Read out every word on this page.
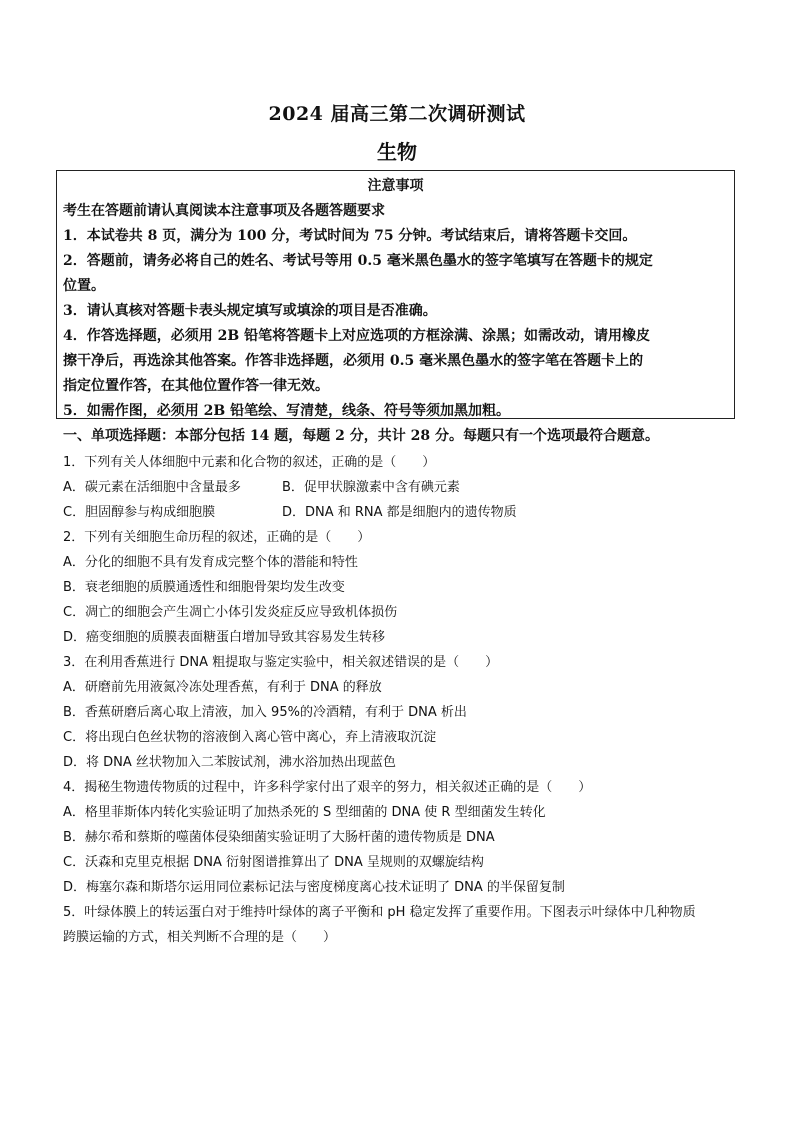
2024 届高三第二次调研测试
生物
注意事项
考生在答题前请认真阅读本注意事项及各题答题要求
1．本试卷共 8 页，满分为 100 分，考试时间为 75 分钟。考试结束后，请将答题卡交回。
2．答题前，请务必将自己的姓名、考试号等用 0.5 毫米黑色墨水的签字笔填写在答题卡的规定
位置。
3．请认真核对答题卡表头规定填写或填涂的项目是否准确。
4．作答选择题，必须用 2B 铅笔将答题卡上对应选项的方框涂满、涂黑；如需改动，请用橡皮
擦干净后，再选涂其他答案。作答非选择题，必须用 0.5 毫米黑色墨水的签字笔在答题卡上的
指定位置作答，在其他位置作答一律无效。
5．如需作图，必须用 2B 铅笔绘、写清楚，线条、符号等须加黑加粗。
一、单项选择题：本部分包括 14 题，每题 2 分，共计 28 分。每题只有一个选项最符合题意。
1．下列有关人体细胞中元素和化合物的叙述，正确的是（　　）
A．碳元素在活细胞中含量最多	B．促甲状腺激素中含有碘元素
C．胆固醇参与构成细胞膜	D．DNA 和 RNA 都是细胞内的遗传物质
2．下列有关细胞生命历程的叙述，正确的是（　　）
A．分化的细胞不具有发育成完整个体的潜能和特性
B．衰老细胞的质膜通透性和细胞骨架均发生改变
C．凋亡的细胞会产生凋亡小体引发炎症反应导致机体损伤
D．癌变细胞的质膜表面糖蛋白增加导致其容易发生转移
3．在利用香蕉进行 DNA 粗提取与鉴定实验中，相关叙述错误的是（　　）
A．研磨前先用液氮冷冻处理香蕉，有利于 DNA 的释放
B．香蕉研磨后离心取上清液，加入 95%的冷酒精，有利于 DNA 析出
C．将出现白色丝状物的溶液倒入离心管中离心，弃上清液取沉淀
D．将 DNA 丝状物加入二苯胺试剂，沸水浴加热出现蓝色
4．揭秘生物遗传物质的过程中，许多科学家付出了艰辛的努力，相关叙述正确的是（　　）
A．格里菲斯体内转化实验证明了加热杀死的 S 型细菌的 DNA 使 R 型细菌发生转化
B．赫尔希和蔡斯的噬菌体侵染细菌实验证明了大肠杆菌的遗传物质是 DNA
C．沃森和克里克根据 DNA 衍射图谱推算出了 DNA 呈规则的双螺旋结构
D．梅塞尔森和斯塔尔运用同位素标记法与密度梯度离心技术证明了 DNA 的半保留复制
5．叶绿体膜上的转运蛋白对于维持叶绿体的离子平衡和 pH 稳定发挥了重要作用。下图表示叶绿体中几种物质
跨膜运输的方式，相关判断不合理的是（　　）
